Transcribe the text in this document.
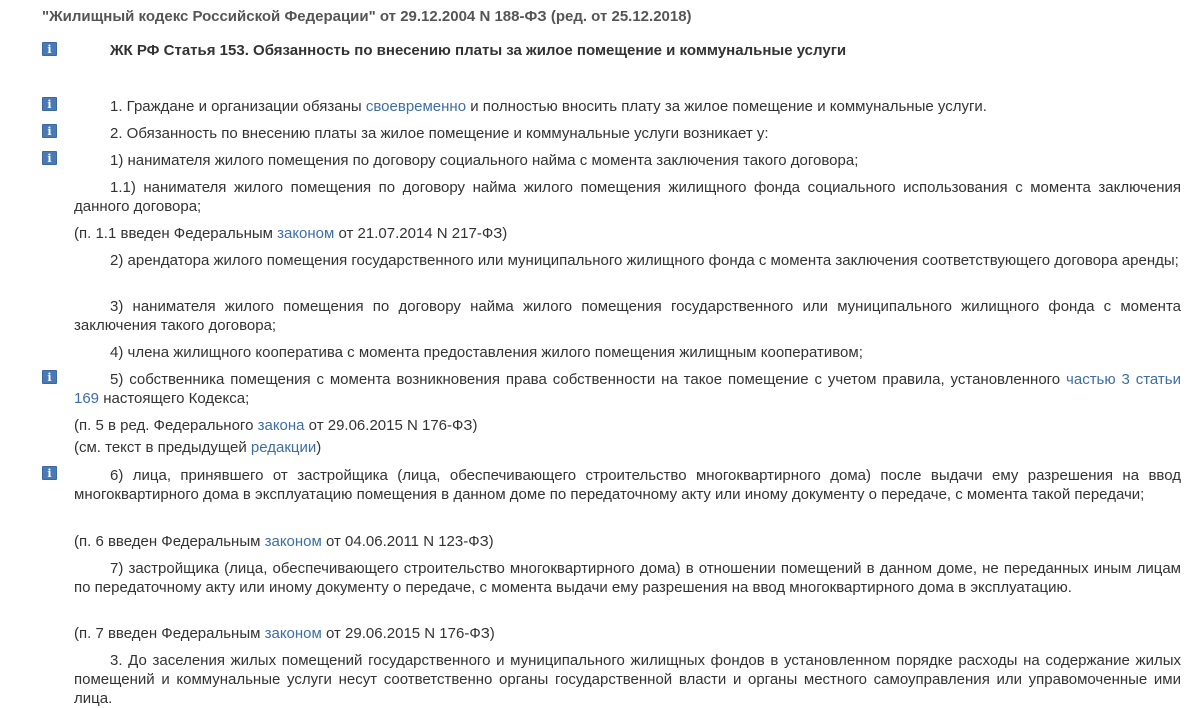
"Жилищный кодекс Российской Федерации" от 29.12.2004 N 188-ФЗ (ред. от 25.12.2018)
i	ЖК РФ Статья 153. Обязанность по внесению платы за жилое помещение и коммунальные услуги
i	1. Граждане и организации обязаны своевременно и полностью вносить плату за жилое помещение и коммунальные услуги.

i	2. Обязанность по внесению платы за жилое помещение и коммунальные услуги возникает у:

i	1) нанимателя жилого помещения по договору социального найма с момента заключения такого договора;

1.1) нанимателя жилого помещения по договору найма жилого помещения жилищного фонда социального использования с момента заключения данного договора;

(п. 1.1 введен Федеральным законом от 21.07.2014 N 217-ФЗ)

2) арендатора жилого помещения государственного или муниципального жилищного фонда с момента заключения соответствующего договора аренды;

3) нанимателя жилого помещения по договору найма жилого помещения государственного или муниципального жилищного фонда с момента заключения такого договора;

4) члена жилищного кооператива с момента предоставления жилого помещения жилищным кооперативом;

i	5) собственника помещения с момента возникновения права собственности на такое помещение с учетом правила, установленного частью 3 статьи 169 настоящего Кодекса;

(п. 5 в ред. Федерального закона от 29.06.2015 N 176-ФЗ)
(см. текст в предыдущей редакции)
i	6) лица, принявшего от застройщика (лица, обеспечивающего строительство многоквартирного дома) после выдачи ему разрешения на ввод многоквартирного дома в эксплуатацию помещения в данном доме по передаточному акту или иному документу о передаче, с момента такой передачи;

(п. 6 введен Федеральным законом от 04.06.2011 N 123-ФЗ)

7) застройщика (лица, обеспечивающего строительство многоквартирного дома) в отношении помещений в данном доме, не переданных иным лицам по передаточному акту или иному документу о передаче, с момента выдачи ему разрешения на ввод многоквартирного дома в эксплуатацию.

(п. 7 введен Федеральным законом от 29.06.2015 N 176-ФЗ)

3. До заселения жилых помещений государственного и муниципального жилищных фондов в установленном порядке расходы на содержание жилых помещений и коммунальные услуги несут соответственно органы государственной власти и органы местного самоуправления или управомоченные ими лица.
